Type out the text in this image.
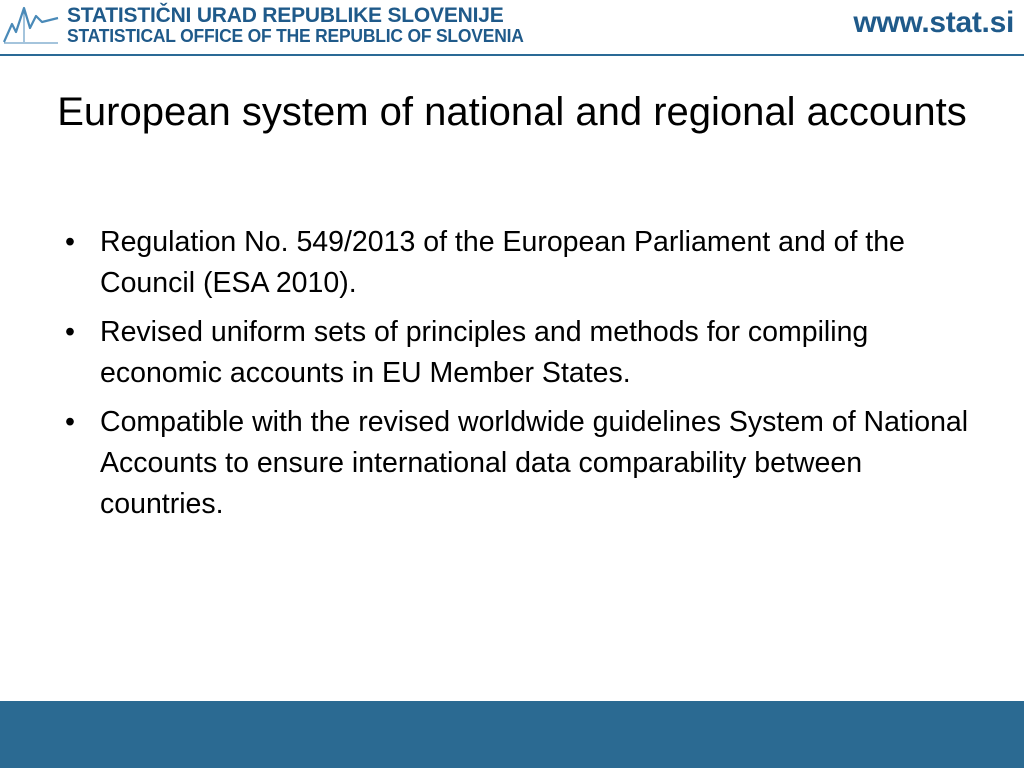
STATISTIČNI URAD REPUBLIKE SLOVENIJE
STATISTICAL OFFICE OF THE REPUBLIC OF SLOVENIA	www.stat.si
European system of national and regional accounts
• Regulation No. 549/2013 of the European Parliament and of the Council (ESA 2010).
• Revised uniform sets of principles and methods for compiling economic accounts in EU Member States.
• Compatible with the revised worldwide guidelines System of National Accounts to ensure international data comparability between countries.
